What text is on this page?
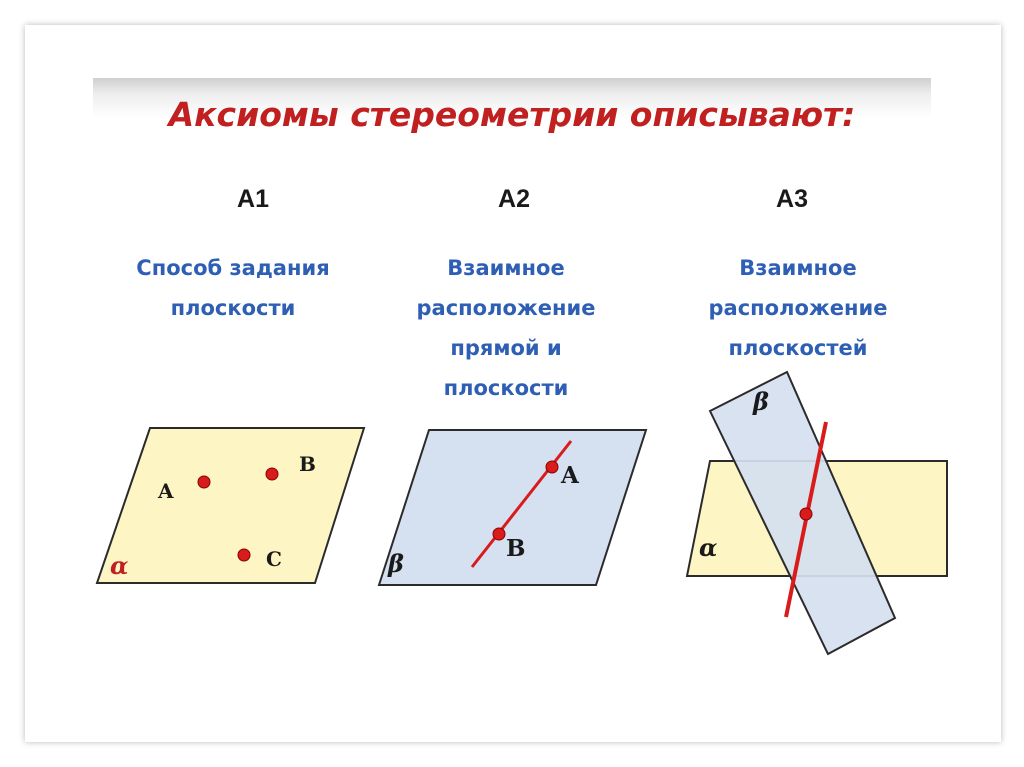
Аксиомы стереометрии описывают:
А1	А2	А3
Способ задания
плоскости
Взаимное
расположение
прямой и
плоскости
Взаимное
расположение
плоскостей
A
B
C
α
A
B
β
β
α
